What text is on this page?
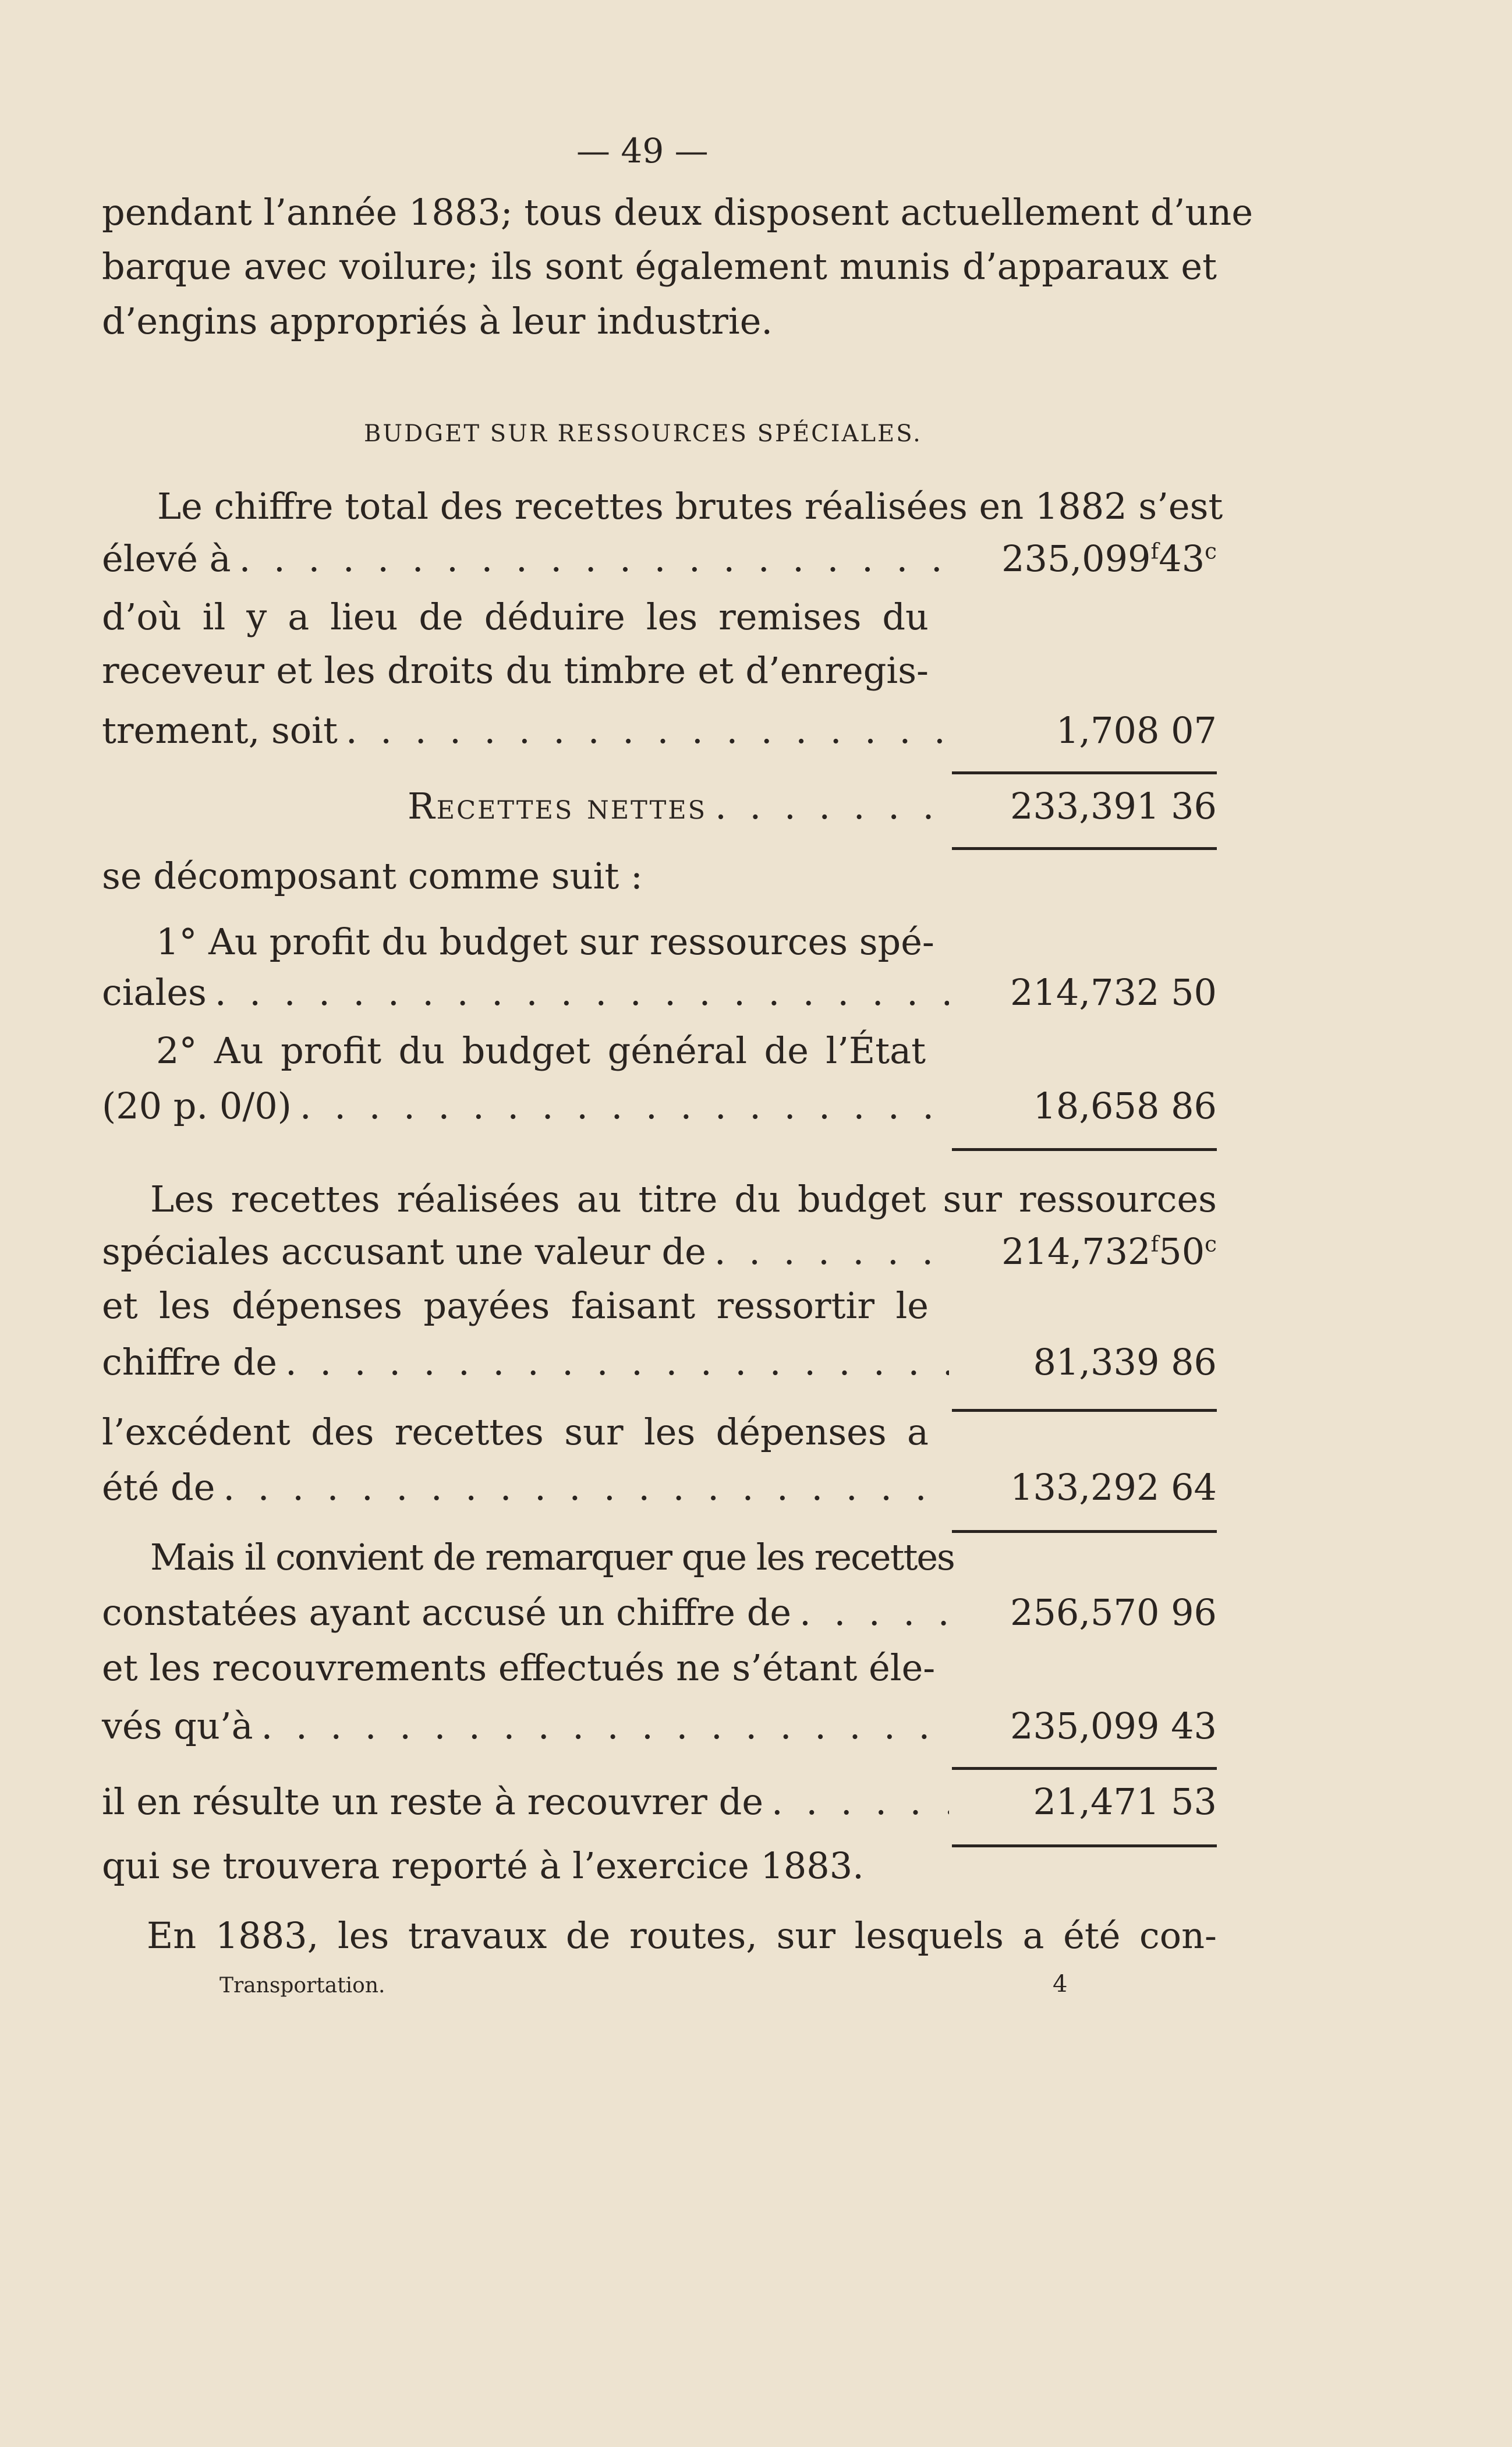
— 49 —
pendant l’année 1883; tous deux disposent actuellement d’une
barque avec voilure; ils sont également munis d’apparaux et
d’engins appropriés à leur industrie.
BUDGET SUR RESSOURCES SPÉCIALES.
Le chiffre total des recettes brutes réalisées en 1882 s’est
élevé à . . .	235,099$^f$43$^c$
d’où il y a lieu de déduire les remises du
receveur et les droits du timbre et d’enregis-
trement, soit . . .	1,708 07
Recettes nettes . . .	233,391 36
se décomposant comme suit :
1° Au profit du budget sur ressources spé-
ciales . . .	214,732 50
2° Au profit du budget général de l’État
(20 p. 0/0) . . .	18,658 86
Les recettes réalisées au titre du budget sur ressources
spéciales accusant une valeur de . . .	214,732$^f$50$^c$
et les dépenses payées faisant ressortir le
chiffre de . . .	81,339 86
l’excédent des recettes sur les dépenses a
été de . . .	133,292 64
Mais il convient de remarquer que les recettes
constatées ayant accusé un chiffre de . . .	256,570 96
et les recouvrements effectués ne s’étant éle-
vés qu’à . . .	235,099 43
il en résulte un reste à recouvrer de . . .	21,471 53
qui se trouvera reporté à l’exercice 1883.
En 1883, les travaux de routes, sur lesquels a été con-
Transportation.	4
